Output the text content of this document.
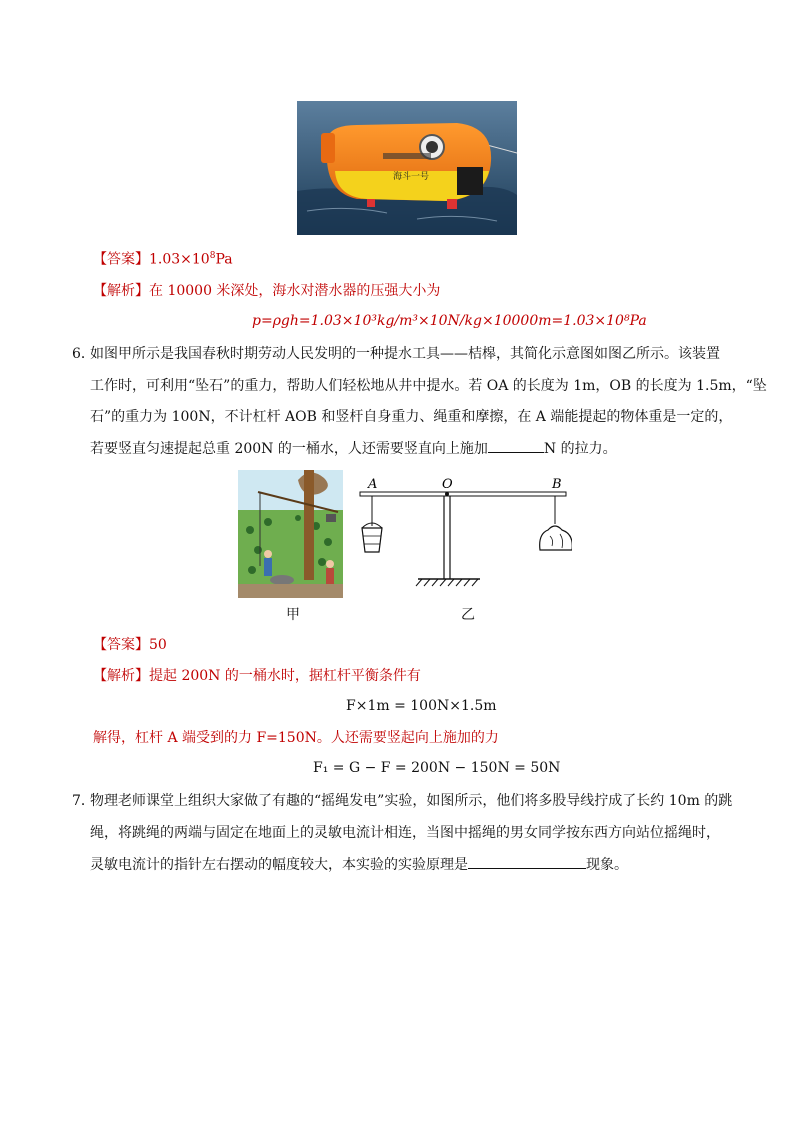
海斗一号
【答案】$1.03\times 10^8Pa$
【解析】在 10000 米深处，海水对潜水器的压强大小为
p=ρgh=1.03×10³kg/m³×10N/kg×10000m=1.03×10⁸Pa
6．
如图甲所示是我国春秋时期劳动人民发明的一种提水工具——桔槔，其简化示意图如图乙所示。该装置
工作时，可利用“坠石”的重力，帮助人们轻松地从井中提水。若 OA 的长度为 1m，OB 的长度为 1.5m，“坠
石”的重力为 100N，不计杠杆 AOB 和竖杆自身重力、绳重和摩擦，在 A 端能提起的物体重是一定的，
若要竖直匀速提起总重 200N 的一桶水，人还需要竖直向上施加	N 的拉力。
甲
A	O	B
乙
【答案】50
【解析】提起 200N 的一桶水时，据杠杆平衡条件有
F×1m = 100N×1.5m
解得，杠杆 A 端受到的力 F=150N。人还需要竖起向上施加的力
F₁ = G − F = 200N − 150N = 50N
7．
物理老师课堂上组织大家做了有趣的“摇绳发电”实验，如图所示，他们将多股导线拧成了长约 10m 的跳
绳，将跳绳的两端与固定在地面上的灵敏电流计相连，当图中摇绳的男女同学按东西方向站位摇绳时，
灵敏电流计的指针左右摆动的幅度较大，本实验的实验原理是	现象。
